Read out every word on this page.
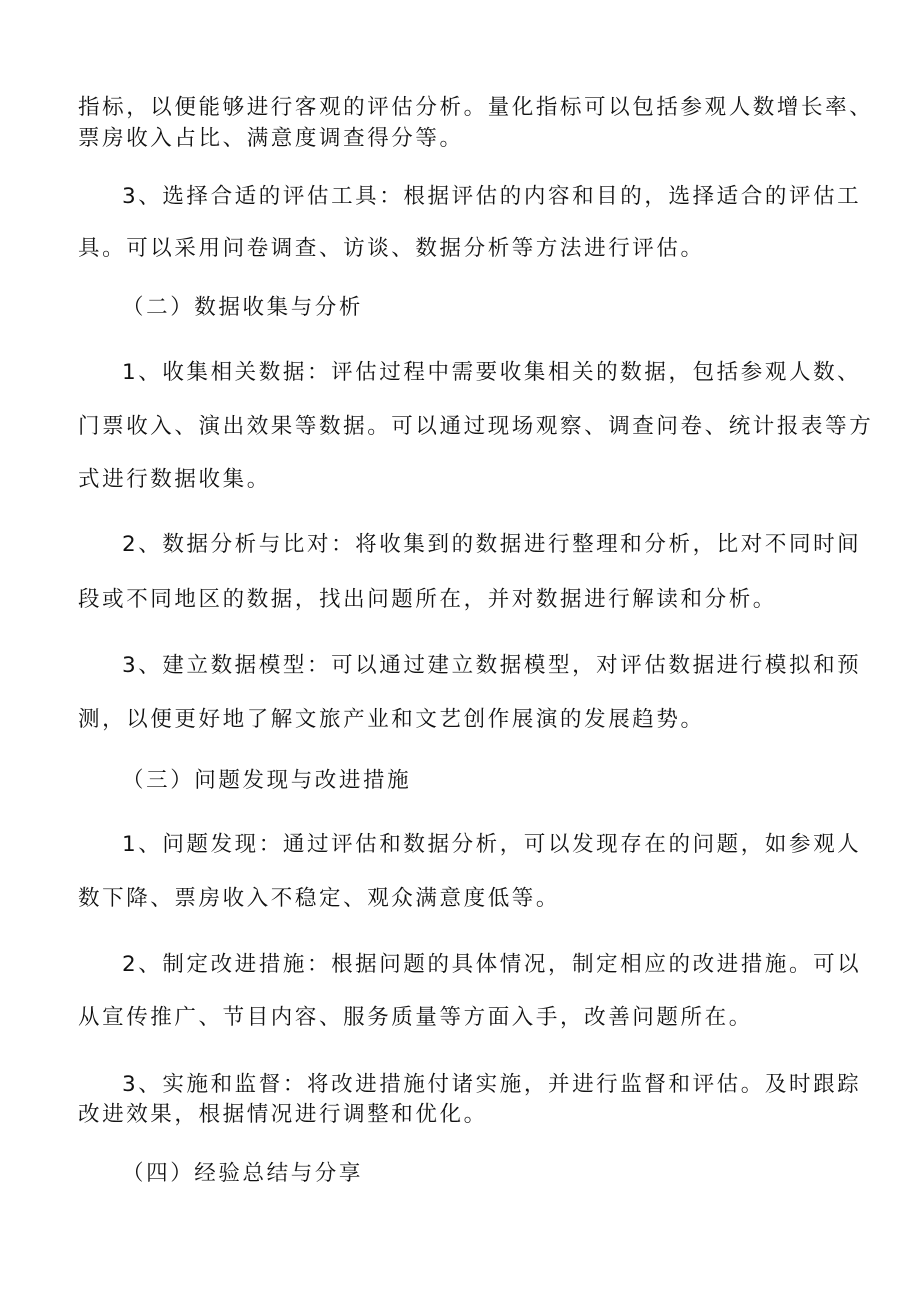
指标，以便能够进行客观的评估分析。量化指标可以包括参观人数增长率、

票房收入占比、满意度调查得分等。

3、选择合适的评估工具：根据评估的内容和目的，选择适合的评估工

具。可以采用问卷调查、访谈、数据分析等方法进行评估。

（二）数据收集与分析

1、收集相关数据：评估过程中需要收集相关的数据，包括参观人数、

门票收入、演出效果等数据。可以通过现场观察、调查问卷、统计报表等方

式进行数据收集。

2、数据分析与比对：将收集到的数据进行整理和分析，比对不同时间

段或不同地区的数据，找出问题所在，并对数据进行解读和分析。

3、建立数据模型：可以通过建立数据模型，对评估数据进行模拟和预

测，以便更好地了解文旅产业和文艺创作展演的发展趋势。

（三）问题发现与改进措施

1、问题发现：通过评估和数据分析，可以发现存在的问题，如参观人

数下降、票房收入不稳定、观众满意度低等。

2、制定改进措施：根据问题的具体情况，制定相应的改进措施。可以

从宣传推广、节目内容、服务质量等方面入手，改善问题所在。

3、实施和监督：将改进措施付诸实施，并进行监督和评估。及时跟踪

改进效果，根据情况进行调整和优化。

（四）经验总结与分享
